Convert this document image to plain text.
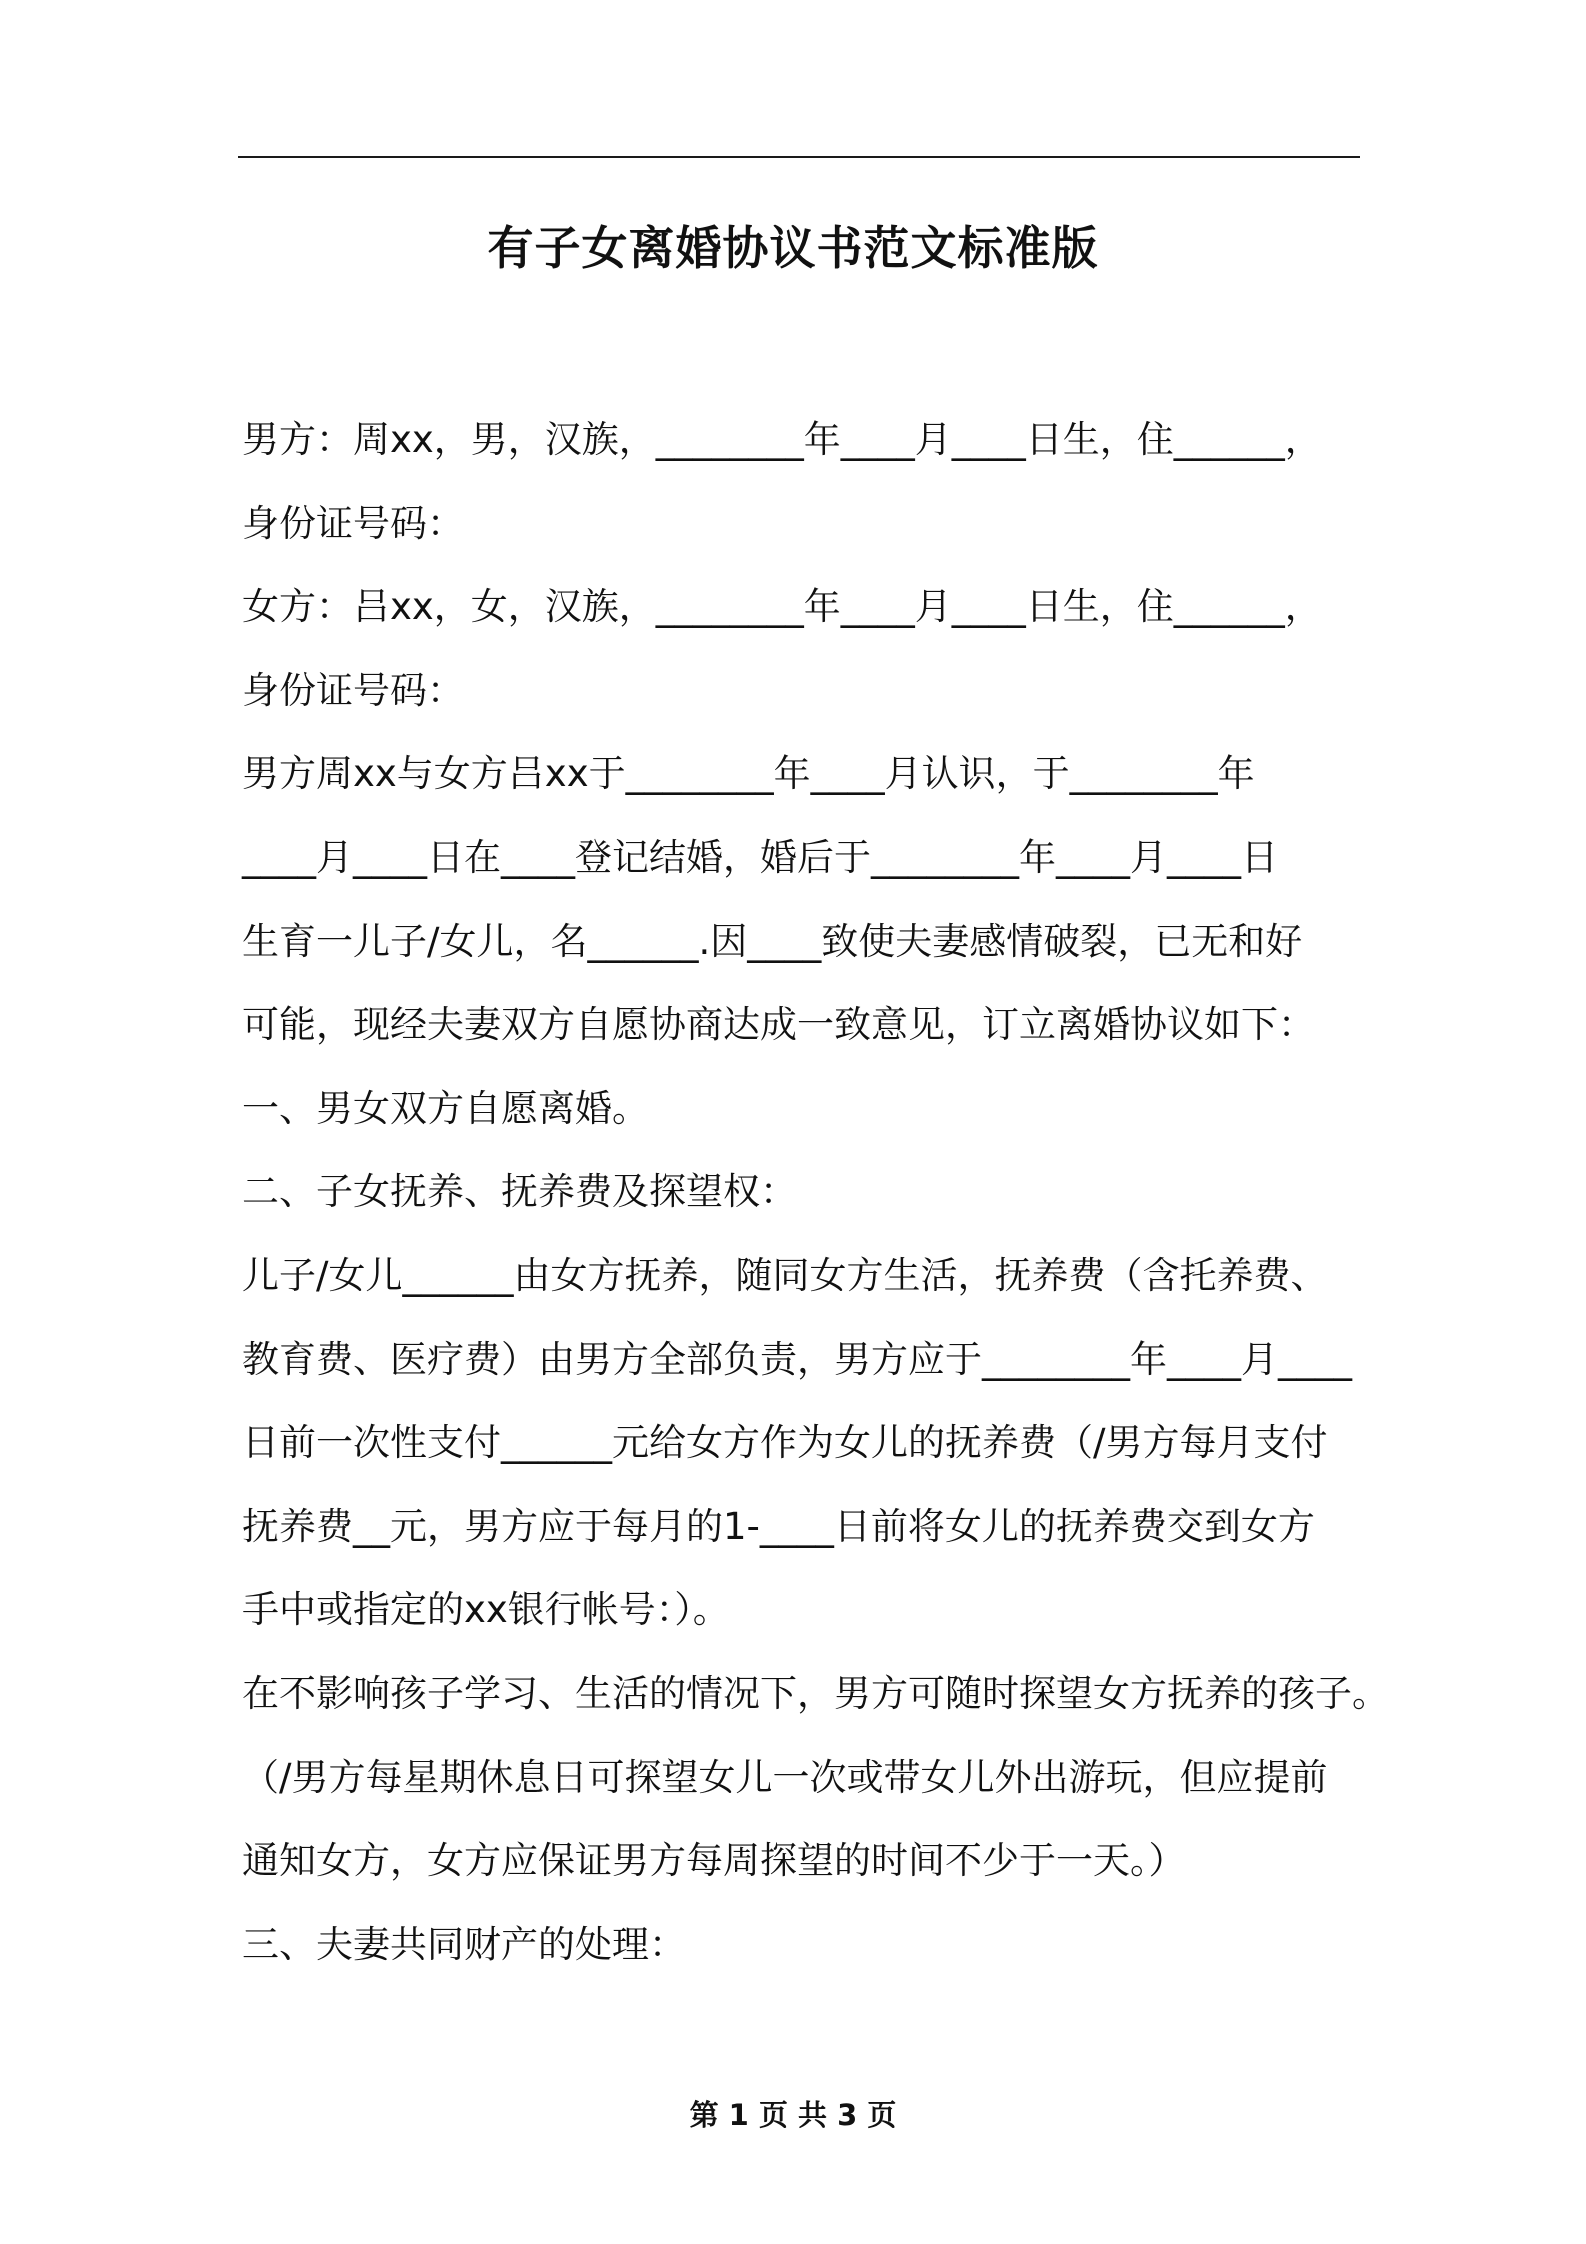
有子女离婚协议书范文标准版
男方：周xx，男，汉族，________年____月____日生，住______，
身份证号码：
女方：吕xx，女，汉族，________年____月____日生，住______，
身份证号码：
男方周xx与女方吕xx于________年____月认识，于________年
____月____日在____登记结婚，婚后于________年____月____日
生育一儿子/女儿，名______.因____致使夫妻感情破裂，已无和好
可能，现经夫妻双方自愿协商达成一致意见，订立离婚协议如下：
一、男女双方自愿离婚。
二、子女抚养、抚养费及探望权：
儿子/女儿______由女方抚养，随同女方生活，抚养费（含托养费、
教育费、医疗费）由男方全部负责，男方应于________年____月____
日前一次性支付______元给女方作为女儿的抚养费（/男方每月支付
抚养费__元，男方应于每月的1-____日前将女儿的抚养费交到女方
手中或指定的xx银行帐号：）。
在不影响孩子学习、生活的情况下，男方可随时探望女方抚养的孩子。
（/男方每星期休息日可探望女儿一次或带女儿外出游玩，但应提前
通知女方，女方应保证男方每周探望的时间不少于一天。）
三、夫妻共同财产的处理：
第 1 页 共 3 页
